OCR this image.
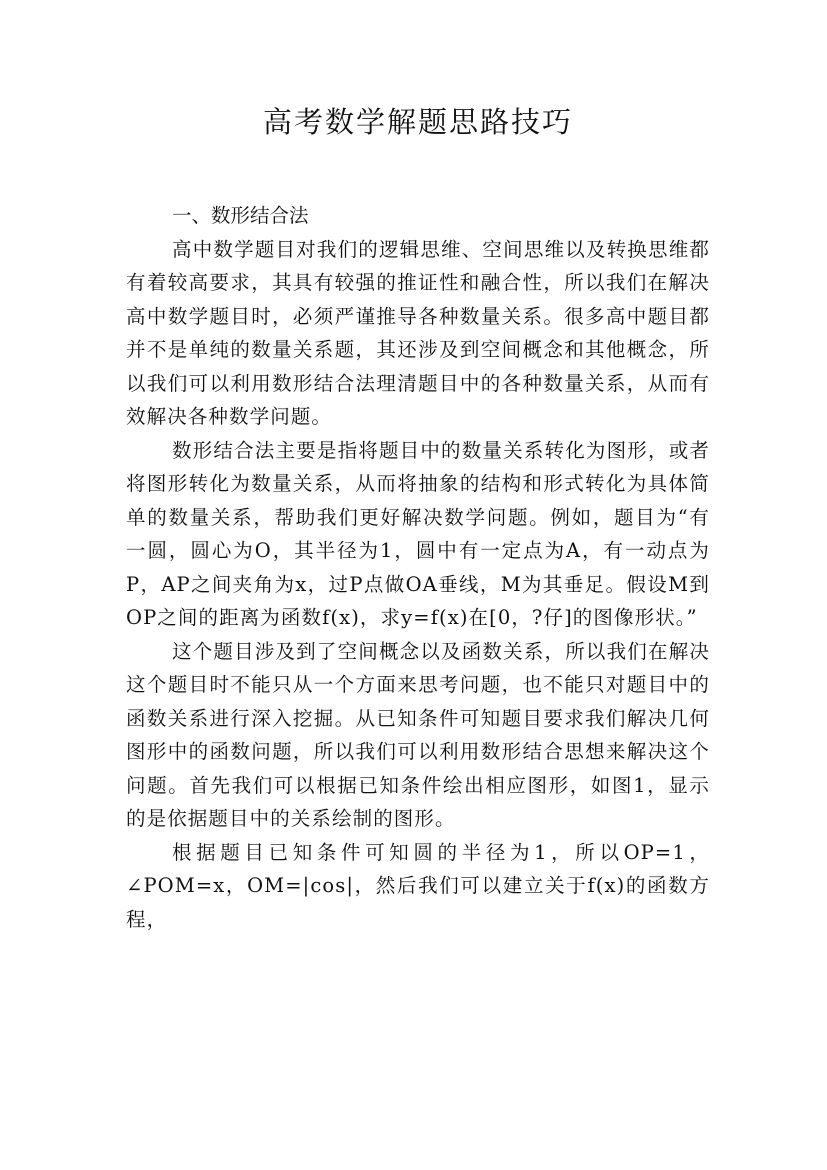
高考数学解题思路技巧

一、数形结合法

高中数学题目对我们的逻辑思维、空间思维以及转换思维都有着较高要求，其具有较强的推证性和融合性，所以我们在解决高中数学题目时，必须严谨推导各种数量关系。很多高中题目都并不是单纯的数量关系题，其还涉及到空间概念和其他概念，所以我们可以利用数形结合法理清题目中的各种数量关系，从而有效解决各种数学问题。

数形结合法主要是指将题目中的数量关系转化为图形，或者将图形转化为数量关系，从而将抽象的结构和形式转化为具体简单的数量关系，帮助我们更好解决数学问题。例如，题目为“有一圆，圆心为O，其半径为1，圆中有一定点为A，有一动点为P，AP之间夹角为x，过P点做OA垂线，M为其垂足。假设M到OP之间的距离为函数f(x)，求y=f(x)在[0，?仔]的图像形状。”

这个题目涉及到了空间概念以及函数关系，所以我们在解决这个题目时不能只从一个方面来思考问题，也不能只对题目中的函数关系进行深入挖掘。从已知条件可知题目要求我们解决几何图形中的函数问题，所以我们可以利用数形结合思想来解决这个问题。首先我们可以根据已知条件绘出相应图形，如图1，显示的是依据题目中的关系绘制的图形。

根据题目已知条件可知圆的半径为1，所以OP=1，∠POM=x，OM=|cos|，然后我们可以建立关于f(x)的函数方程，
